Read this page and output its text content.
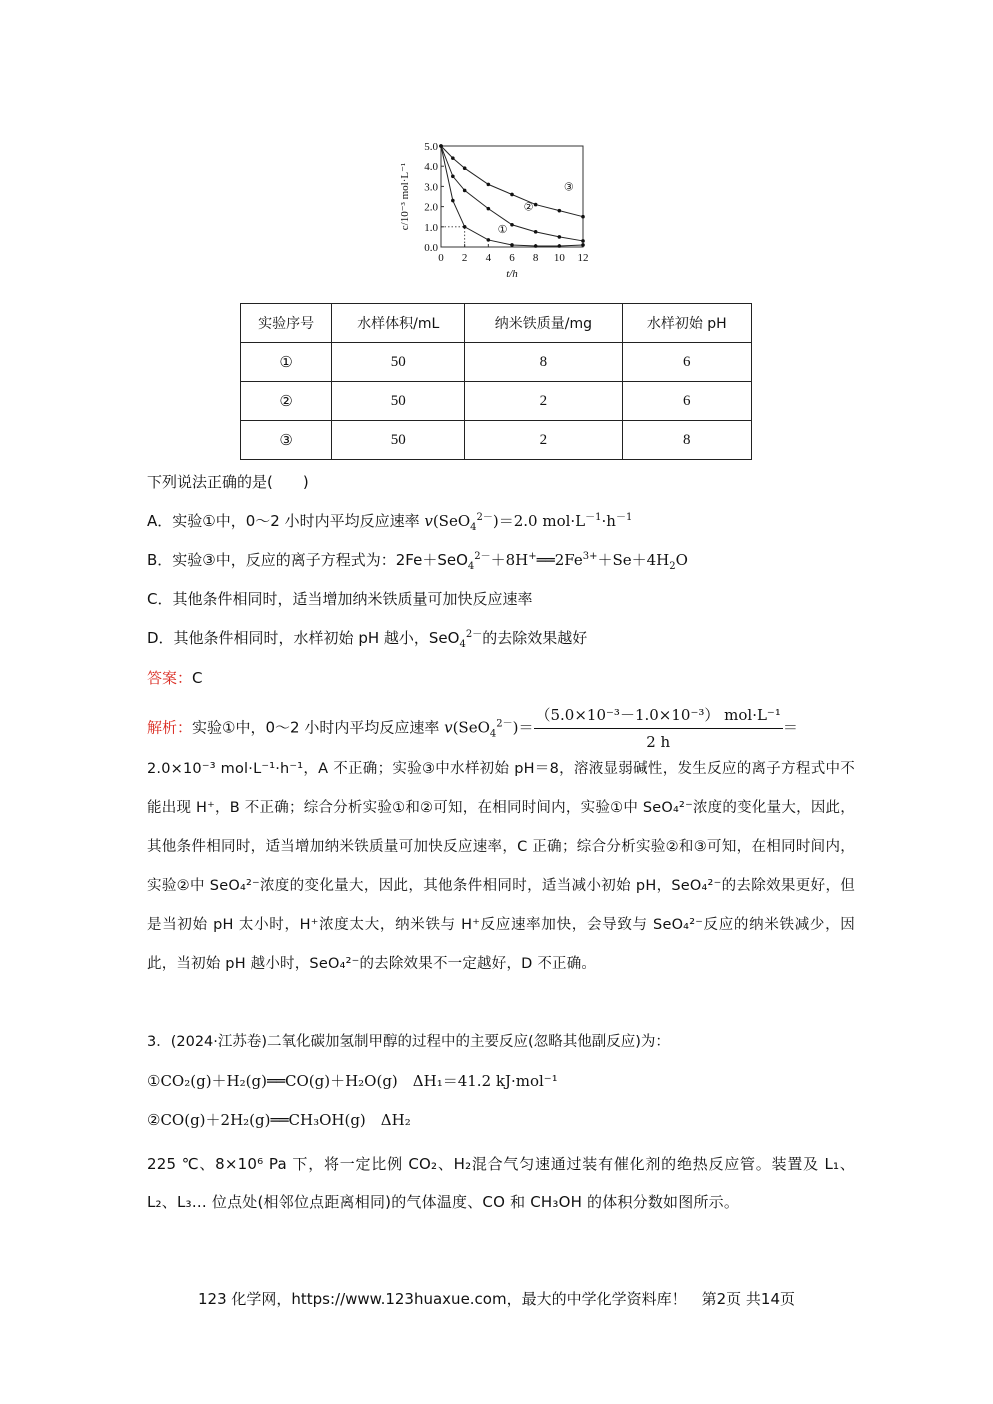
0 2 4 6 8 10 12
0.0
1.0
2.0
3.0
4.0
5.0
t/h
c/10⁻³ mol·L⁻¹	①
②
③
实验序号	水样体积/mL	纳米铁质量/mg	水样初始 pH
①	50	8	6
②	50	2	6
③	50	2	8
下列说法正确的是(　　)
A．实验①中，0～2 小时内平均反应速率 v(SeO$_4^{2-}$)＝2.0 $mol\cdot L^{-1}\cdot h^{-1}$
B．实验③中，反应的离子方程式为：$2Fe+SeO_4^{2-}+8H^+══2Fe^{3+}+Se+4H_2O$
C．其他条件相同时，适当增加纳米铁质量可加快反应速率
D．其他条件相同时，水样初始 pH 越小，SeO$_4^{2-}$的去除效果越好
答案：C
解析：实验①中，0～2 小时内平均反应速率 $v(SeO_4^{2-})= \frac{\text{（5.0×10⁻³－1.0×10⁻³） mol·L⁻¹}}{2 h}$ ＝

2.0×10⁻³ mol·L⁻¹·h⁻¹，A 不正确；实验③中水样初始 pH＝8，溶液显弱碱性，发生反应的离子方程式中不能出现 H⁺，B 不正确；综合分析实验①和②可知，在相同时间内，实验①中 SeO₄²⁻浓度的变化量大，因此，其他条件相同时，适当增加纳米铁质量可加快反应速率，C 正确；综合分析实验②和③可知，在相同时间内，实验②中 SeO₄²⁻浓度的变化量大，因此，其他条件相同时，适当减小初始 pH，SeO₄²⁻的去除效果更好，但是当初始 pH 太小时，H⁺浓度太大，纳米铁与 H⁺反应速率加快，会导致与 SeO₄²⁻反应的纳米铁减少，因此，当初始 pH 越小时，SeO₄²⁻的去除效果不一定越好，D 不正确。

3．(2024·江苏卷)二氧化碳加氢制甲醇的过程中的主要反应(忽略其他副反应)为：
①CO₂(g)＋H₂(g)══CO(g)＋H₂O(g)　ΔH₁＝41.2 kJ·mol⁻¹
②CO(g)＋2H₂(g)══CH₃OH(g)　ΔH₂

225 ℃、8×10⁶ Pa 下，将一定比例 CO₂、H₂混合气匀速通过装有催化剂的绝热反应管。装置及 L₁、L₂、L₃… 位点处(相邻位点距离相同)的气体温度、CO 和 CH₃OH 的体积分数如图所示。

123 化学网，https://www.123huaxue.com，最大的中学化学资料库！　第2页 共14页
